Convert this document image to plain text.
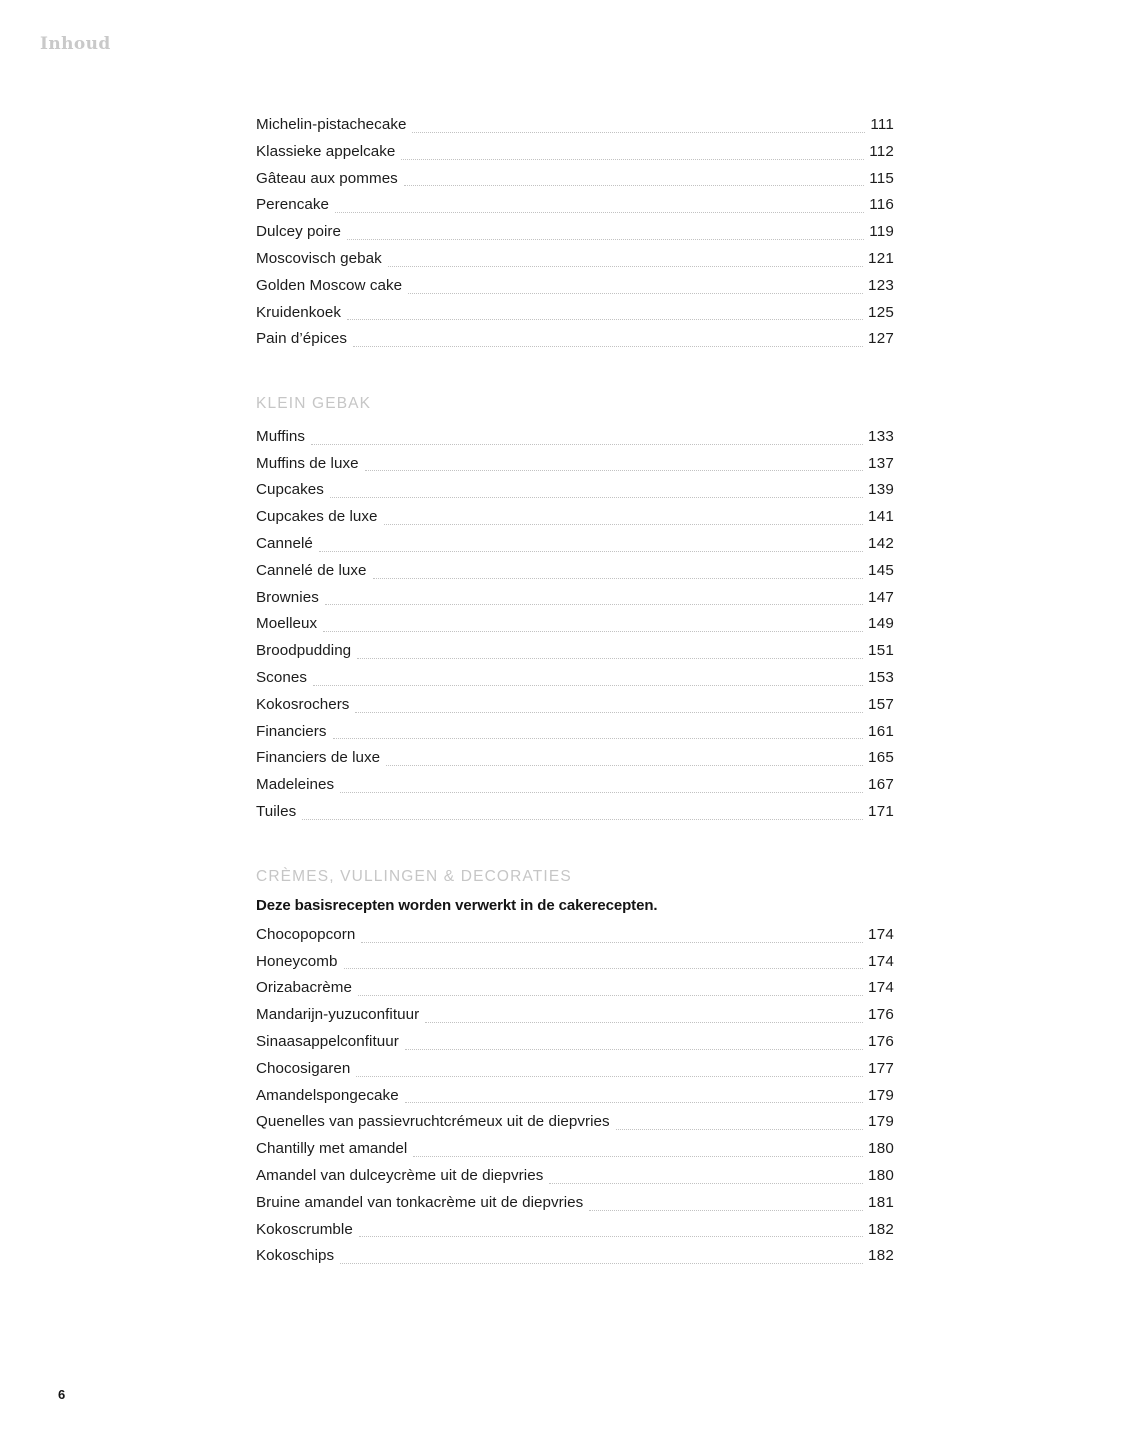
Inhoud
Michelin-pistachecake	111
Klassieke appelcake	112
Gâteau aux pommes	115
Perencake	116
Dulcey poire	119
Moscovisch gebak	121
Golden Moscow cake	123
Kruidenkoek	125
Pain d’épices	127
KLEIN GEBAK
Muffins	133
Muffins de luxe	137
Cupcakes	139
Cupcakes de luxe	141
Cannelé	142
Cannelé de luxe	145
Brownies	147
Moelleux	149
Broodpudding	151
Scones	153
Kokosrochers	157
Financiers	161
Financiers de luxe	165
Madeleines	167
Tuiles	171
CRÈMES, VULLINGEN & DECORATIES
Deze basisrecepten worden verwerkt in de cakerecepten.
Chocopopcorn	174
Honeycomb	174
Orizabacrème	174
Mandarijn-yuzuconfituur	176
Sinaasappelconfituur	176
Chocosigaren	177
Amandelspongecake	179
Quenelles van passievruchtcrémeux uit de diepvries	179
Chantilly met amandel	180
Amandel van dulceycrème uit de diepvries	180
Bruine amandel van tonkacrème uit de diepvries	181
Kokoscrumble	182
Kokoschips	182
6
